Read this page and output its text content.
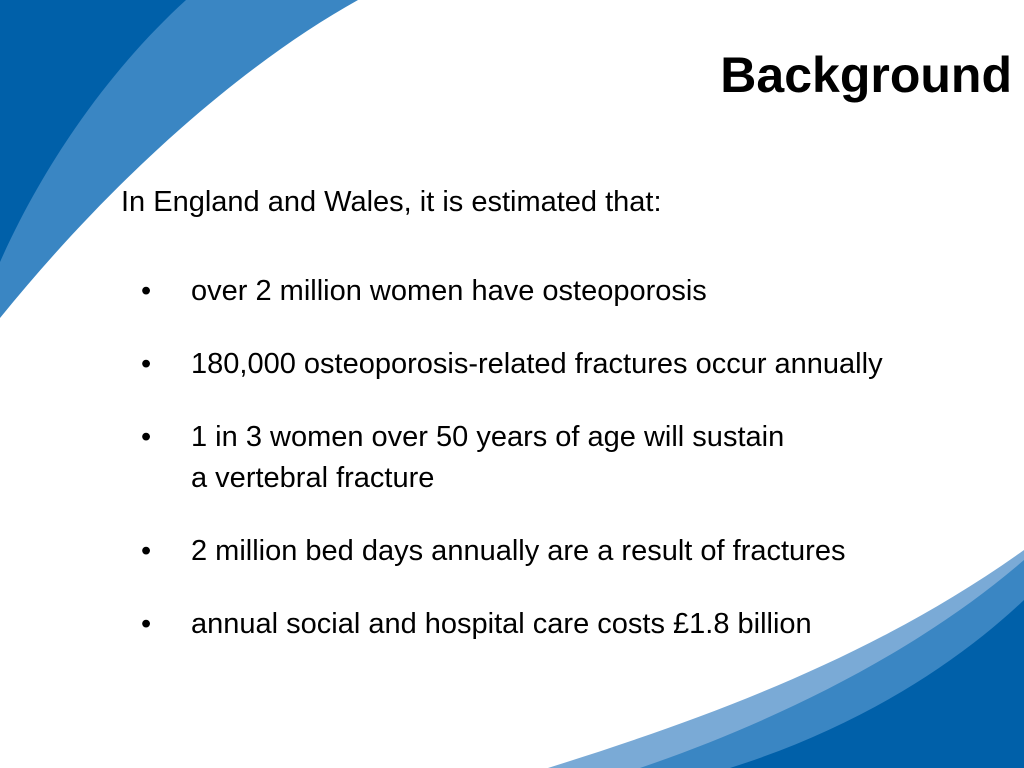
Background

In England and Wales, it is estimated that:

•	over 2 million women have osteoporosis
•	180,000 osteoporosis-related fractures occur annually
•	1 in 3 women over 50 years of age will sustain
a vertebral fracture
•	2 million bed days annually are a result of fractures
•	annual social and hospital care costs £1.8 billion
